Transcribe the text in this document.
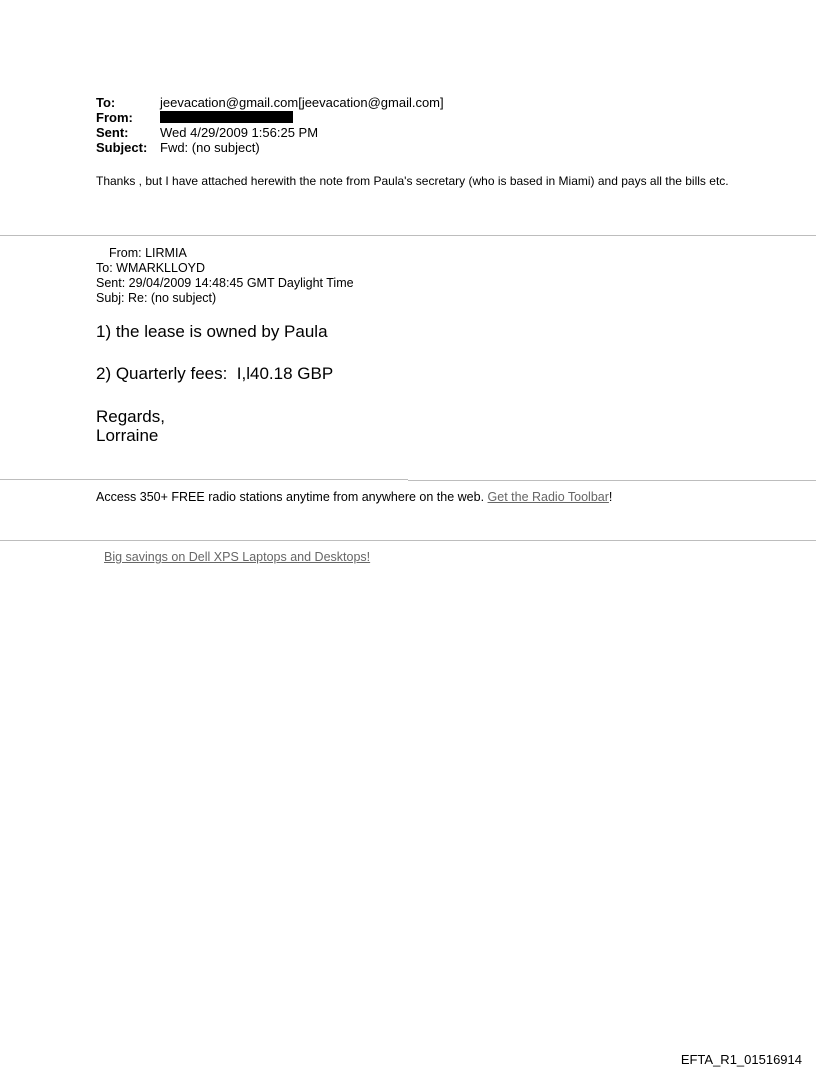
To:	jeevacation@gmail.com[jeevacation@gmail.com]
From:
Sent:	Wed 4/29/2009 1:56:25 PM
Subject: Fwd: (no subject)
Thanks , but I have attached herewith the note from Paula's secretary (who is based in Miami) and pays all the bills etc.
From: LIRMIA
To: WMARKLLOYD
Sent: 29/04/2009 14:48:45 GMT Daylight Time
Subj: Re: (no subject)
1) the lease is owned by Paula
2) Quarterly fees:  I,l40.18 GBP
Regards,
Lorraine
Access 350+ FREE radio stations anytime from anywhere on the web. Get the Radio Toolbar!
Big savings on Dell XPS Laptops and Desktops!
EFTA_R1_01516914
